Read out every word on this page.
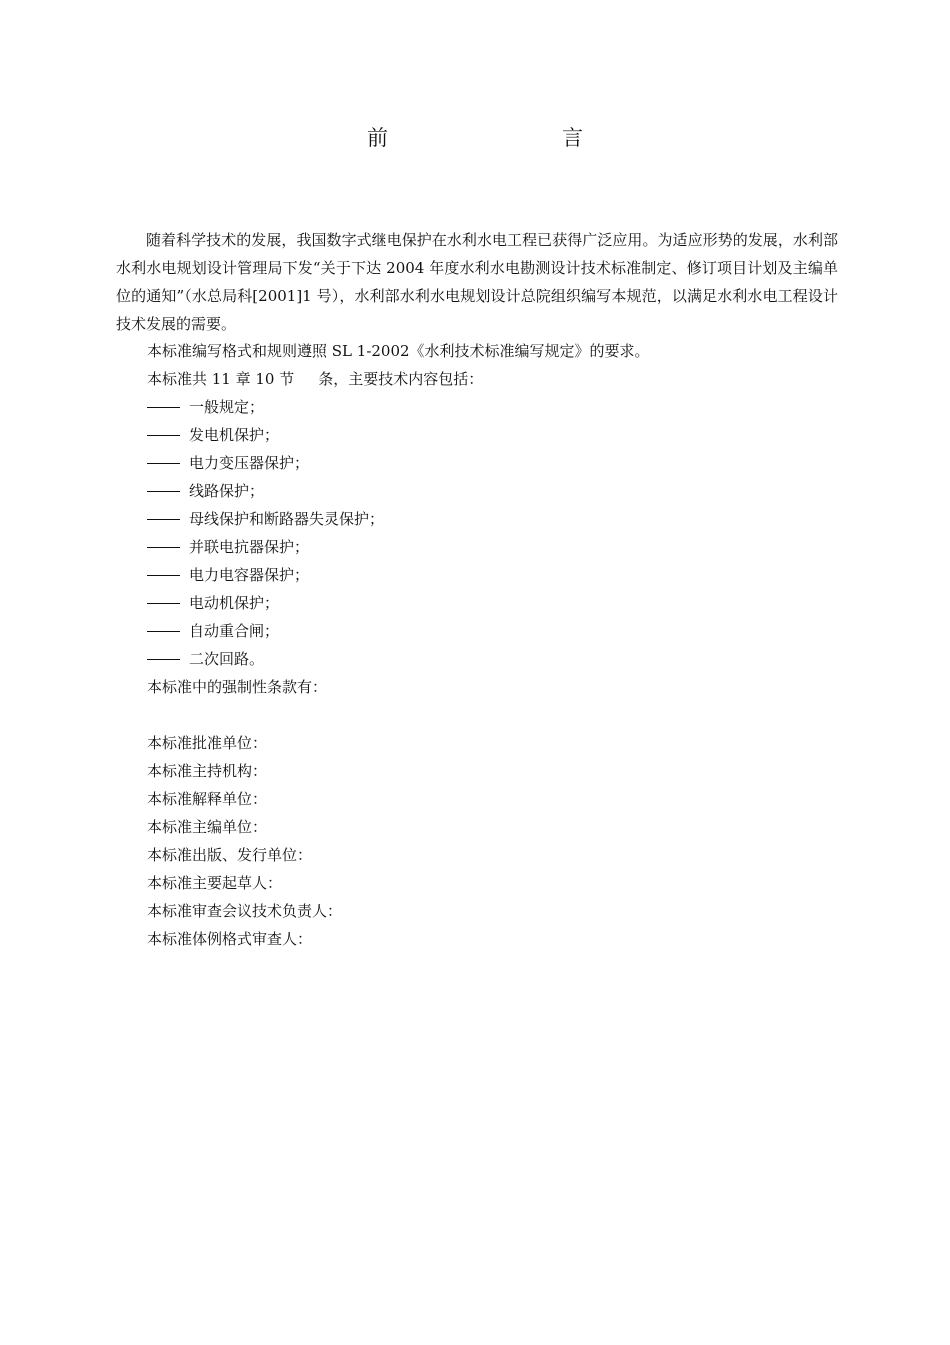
前　　言
随着科学技术的发展，我国数字式继电保护在水利水电工程已获得广泛应用。为适应形势的发展，水利部水利水电规划设计管理局下发“关于下达 2004 年度水利水电勘测设计技术标准制定、修订项目计划及主编单位的通知”（水总局科[2001]1 号），水利部水利水电规划设计总院组织编写本规范，以满足水利水电工程设计技术发展的需要。
本标准编写格式和规则遵照 SL 1-2002《水利技术标准编写规定》的要求。
本标准共 11 章 10 节 条，主要技术内容包括：
一般规定；
发电机保护；
电力变压器保护；
线路保护；
母线保护和断路器失灵保护；
并联电抗器保护；
电力电容器保护；
电动机保护；
自动重合闸；
二次回路。
本标准中的强制性条款有：
本标准批准单位：
本标准主持机构：
本标准解释单位：
本标准主编单位：
本标准出版、发行单位：
本标准主要起草人：
本标准审查会议技术负责人：
本标准体例格式审查人：
